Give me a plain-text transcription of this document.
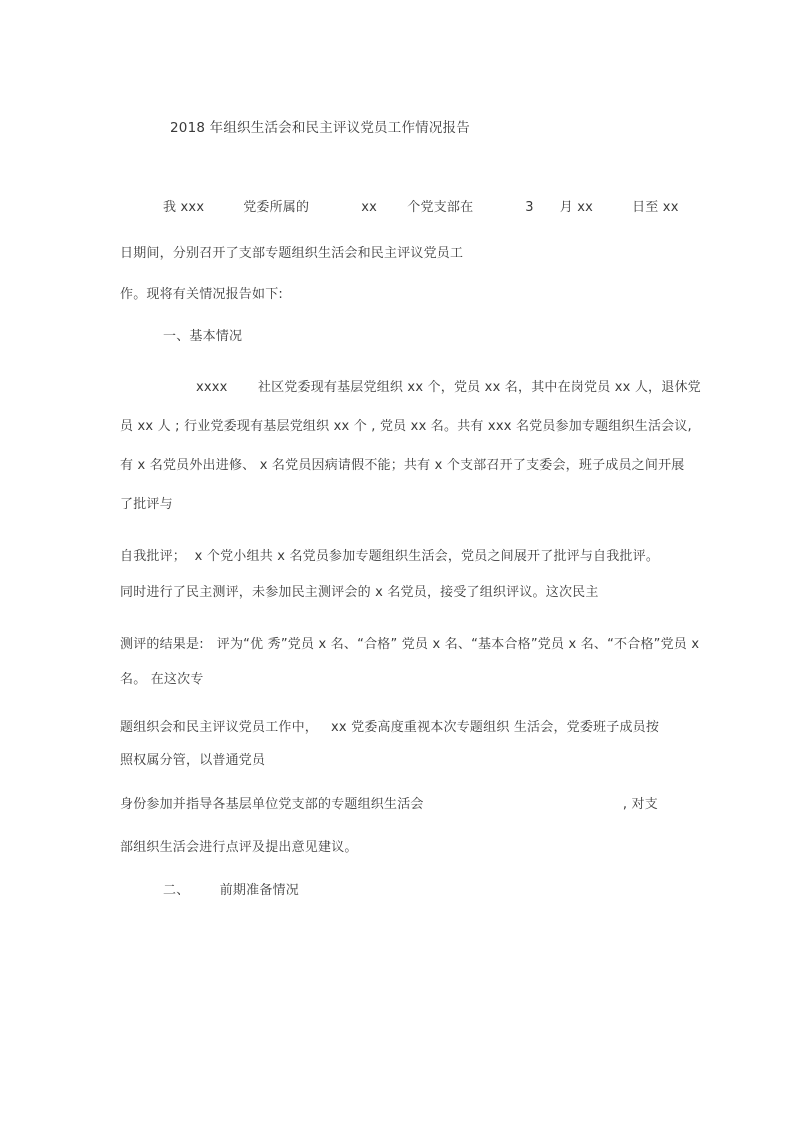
2018 年组织生活会和民主评议党员工作情况报告
我 xxx         党委所属的            xx       个党支部在            3      月 xx         日至 xx
日期间，分别召开了支部专题组织生活会和民主评议党员工
作。现将有关情况报告如下:
一、基本情况
xxxx       社区党委现有基层党组织 xx 个，党员 xx 名，其中在岗党员 xx 人，退休党
员 xx 人 ; 行业党委现有基层党组织 xx 个 , 党员 xx 名。共有 xxx 名党员参加专题组织生活会议,
有 x 名党员外出进修、 x 名党员因病请假不能；共有 x 个支部召开了支委会，班子成员之间开展
了批评与
自我批评；  x 个党小组共 x 名党员参加专题组织生活会，党员之间展开了批评与自我批评。
同时进行了民主测评，未参加民主测评会的 x 名党员，接受了组织评议。这次民主
测评的结果是:   评为“优 秀”党员 x 名、“合格” 党员 x 名、“基本合格”党员 x 名、“不合格”党员 x
名。 在这次专
题组织会和民主评议党员工作中，   xx 党委高度重视本次专题组织 生活会，党委班子成员按
照权属分管，以普通党员
身份参加并指导各基层单位党支部的专题组织生活会                                              , 对支
部组织生活会进行点评及提出意见建议。
二、       前期准备情况
